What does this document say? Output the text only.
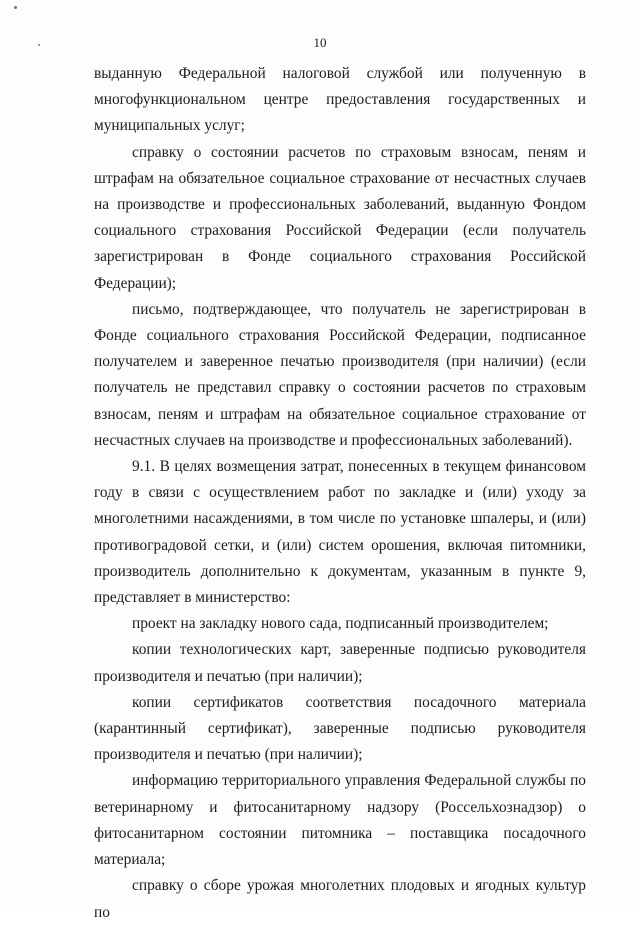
10

выданную Федеральной налоговой службой или полученную в многофункциональном центре предоставления государственных и муниципальных услуг;

справку о состоянии расчетов по страховым взносам, пеням и штрафам на обязательное социальное страхование от несчастных случаев на производстве и профессиональных заболеваний, выданную Фондом социального страхования Российской Федерации (если получатель зарегистрирован в Фонде социального страхования Российской Федерации);

письмо, подтверждающее, что получатель не зарегистрирован в Фонде социального страхования Российской Федерации, подписанное получателем и заверенное печатью производителя (при наличии) (если получатель не представил справку о состоянии расчетов по страховым взносам, пеням и штрафам на обязательное социальное страхование от несчастных случаев на производстве и профессиональных заболеваний).

9.1. В целях возмещения затрат, понесенных в текущем финансовом году в связи с осуществлением работ по закладке и (или) уходу за многолетними насаждениями, в том числе по установке шпалеры, и (или) противоградовой сетки, и (или) систем орошения, включая питомники, производитель дополнительно к документам, указанным в пункте 9, представляет в министерство:

проект на закладку нового сада, подписанный производителем;

копии технологических карт, заверенные подписью руководителя производителя и печатью (при наличии);

копии сертификатов соответствия посадочного материала (карантинный сертификат), заверенные подписью руководителя производителя и печатью (при наличии);

информацию территориального управления Федеральной службы по ветеринарному и фитосанитарному надзору (Россельхознадзор) о фитосанитарном состоянии питомника – поставщика посадочного материала;

справку о сборе урожая многолетних плодовых и ягодных культур по
